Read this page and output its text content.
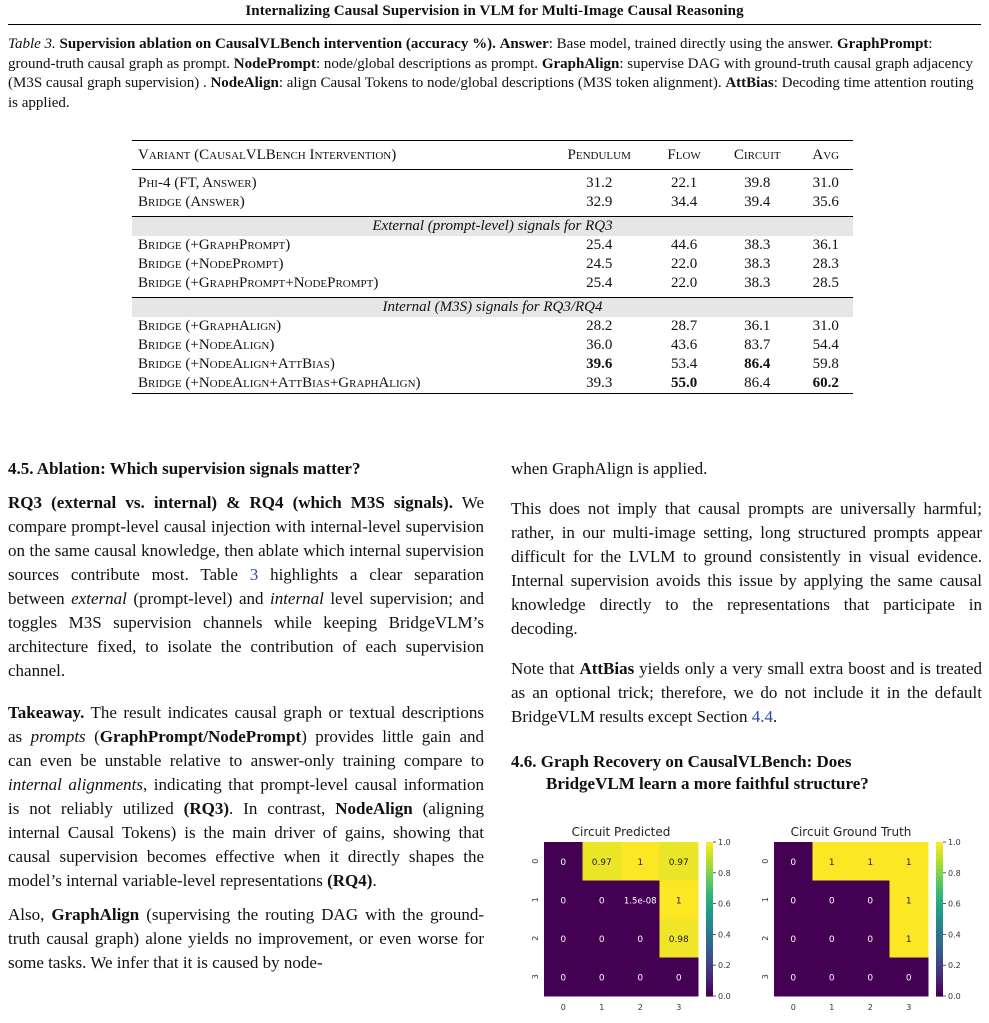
Internalizing Causal Supervision in VLM for Multi-Image Causal Reasoning
Table 3. Supervision ablation on CausalVLBench intervention (accuracy %). Answer: Base model, trained directly using the answer. GraphPrompt: ground-truth causal graph as prompt. NodePrompt: node/global descriptions as prompt. GraphAlign: supervise DAG with ground-truth causal graph adjacency (M3S causal graph supervision) . NodeAlign: align Causal Tokens to node/global descriptions (M3S token alignment). AttBias: Decoding time attention routing is applied.

Variant (CausalVLBench Intervention)	Pendulum	Flow	Circuit	Avg

Phi-4 (FT, Answer)	31.2	22.1	39.8	31.0
Bridge (Answer)	32.9	34.4	39.4	35.6

External (prompt-level) signals for RQ3				
Bridge (+GraphPrompt)	25.4	44.6	38.3	36.1
Bridge (+NodePrompt)	24.5	22.0	38.3	28.3
Bridge (+GraphPrompt+NodePrompt)	25.4	22.0	38.3	28.5

Internal (M3S) signals for RQ3/RQ4				
Bridge (+GraphAlign)	28.2	28.7	36.1	31.0
Bridge (+NodeAlign)	36.0	43.6	83.7	54.4
Bridge (+NodeAlign+AttBias)	39.6	53.4	86.4	59.8
Bridge (+NodeAlign+AttBias+GraphAlign)	39.3	55.0	86.4	60.2
4.5. Ablation: Which supervision signals matter?

RQ3 (external vs. internal) & RQ4 (which M3S signals). We compare prompt-level causal injection with internal-level supervision on the same causal knowledge, then ablate which internal supervision sources contribute most. Table 3 highlights a clear separation between external (prompt-level) and internal level supervision; and toggles M3S supervision channels while keeping BridgeVLM’s architecture fixed, to isolate the contribution of each supervision channel.

Takeaway. The result indicates causal graph or textual descriptions as prompts (GraphPrompt/NodePrompt) provides little gain and can even be unstable relative to answer-only training compare to internal alignments, indicating that prompt-level causal information is not reliably utilized (RQ3). In contrast, NodeAlign (aligning internal Causal Tokens) is the main driver of gains, showing that causal supervision becomes effective when it directly shapes the model’s internal variable-level representations (RQ4).

Also, GraphAlign (supervising the routing DAG with the ground-truth causal graph) alone yields no improvement, or even worse for some tasks. We infer that it is caused by node-

when GraphAlign is applied.

This does not imply that causal prompts are universally harmful; rather, in our multi-image setting, long structured prompts appear difficult for the LVLM to ground consistently in visual evidence. Internal supervision avoids this issue by applying the same causal knowledge directly to the representations that participate in decoding.

Note that AttBias yields only a very small extra boost and is treated as an optional trick; therefore, we do not include it in the default BridgeVLM results except Section 4.4.

4.6. Graph Recovery on CausalVLBench: Does
BridgeVLM learn a more faithful structure?
Circuit Predicted
0	0.97	1	0.97
0	0 1.5e-08 1
0	0	0	0.98
0	0	0	0
0	1	2	3
0
1
2
3
1.0
0.8
0.6
0.4
0.2
0.0
Circuit Ground Truth
0	1	1	1
0	0	0	1
0	0	0	1
0	0	0	0
0	1	2	3
0
1
2
3
1.0
0.8
0.6
0.4
0.2
0.0
